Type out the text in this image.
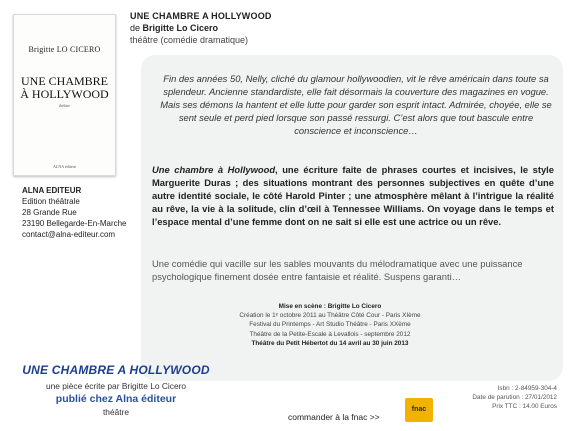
Brigitte LO CICERO
UNE CHAMBRE
À HOLLYWOOD
théâtre
ALNA éditeur
ALNA EDITEUR
Edition théâtrale
28 Grande Rue
23190 Bellegarde-En-Marche
contact@alna-editeur.com
UNE CHAMBRE A HOLLYWOOD
de Brigitte Lo Cicero
théâtre (comédie dramatique)
Fin des années 50, Nelly, cliché du glamour hollywoodien, vit le rêve américain dans toute sa splendeur. Ancienne standardiste, elle fait désormais la couverture des magazines en vogue. Mais ses démons la hantent et elle lutte pour garder son esprit intact. Admirée, choyée, elle se sent seule et perd pied lorsque son passé ressurgi. C’est alors que tout bascule entre conscience et inconscience…
Une chambre à Hollywood, une écriture faite de phrases courtes et incisives, le style Marguerite Duras ; des situations montrant des personnes subjectives en quête d’une autre identité sociale, le côté Harold Pinter ; une atmosphère mêlant à l’intrigue la réalité au rêve, la vie à la solitude, clin d’œil à Tennessee Williams. On voyage dans le temps et l’espace mental d’une femme dont on ne sait si elle est une actrice ou un rêve.
Une comédie qui vacille sur les sables mouvants du mélodramatique avec une puissance psychologique finement dosée entre fantaisie et réalité. Suspens garanti…
Mise en scène : Brigitte Lo Cicero
Création le 1ᵉ octobre 2011 au Théâtre Côté Cour - Paris XIème
Festival du Printemps - Art Studio Théâtre - Paris XXème
Théâtre de la Petite-Escale à Levallois - septembre 2012
Théâtre du Petit Hébertot du 14 avril au 30 juin 2013
Isbn : 2-84959-304-4
Date de parution : 27/01/2012
Prix TTC : 14.00 Euros
UNE CHAMBRE A HOLLYWOOD
une pièce écrite par Brigitte Lo Cicero
publié chez Alna éditeur
théâtre	commander à la fnac >>
fnac
